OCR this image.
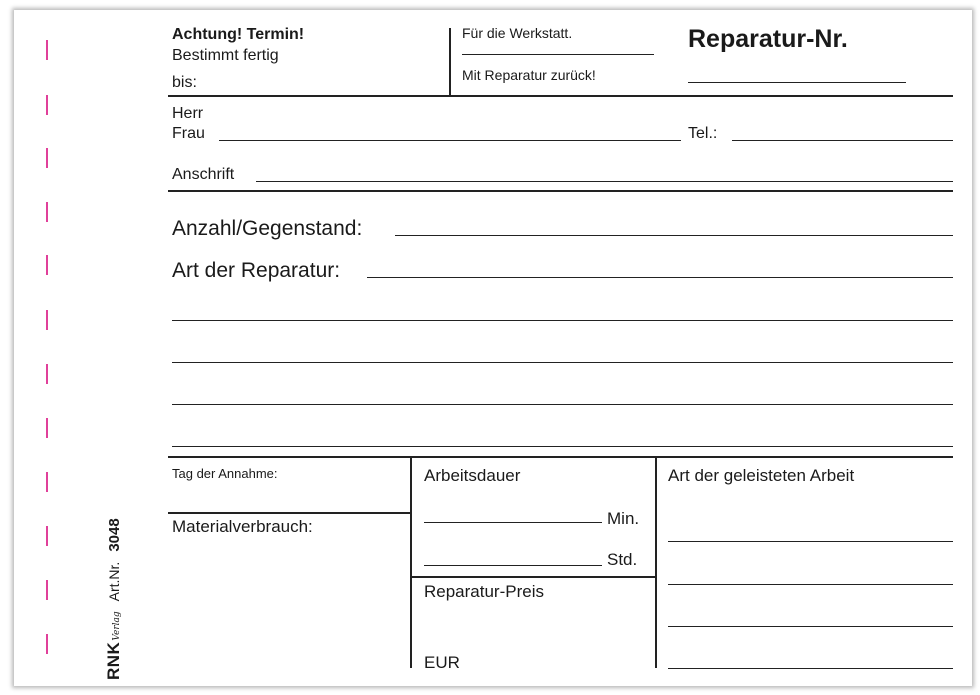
Achtung! Termin!
Bestimmt fertig
bis:
Für die Werkstatt.
Mit Reparatur zurück!
Reparatur-Nr.
Herr
Frau	Tel.:
Anschrift
Anzahl/Gegenstand:
Art der Reparatur:
Tag der Annahme:
Materialverbrauch:
Arbeitsdauer
Min.
Std.
Reparatur-Preis
EUR
Art der geleisteten Arbeit
RNKVerlag
Art.Nr.
3048
